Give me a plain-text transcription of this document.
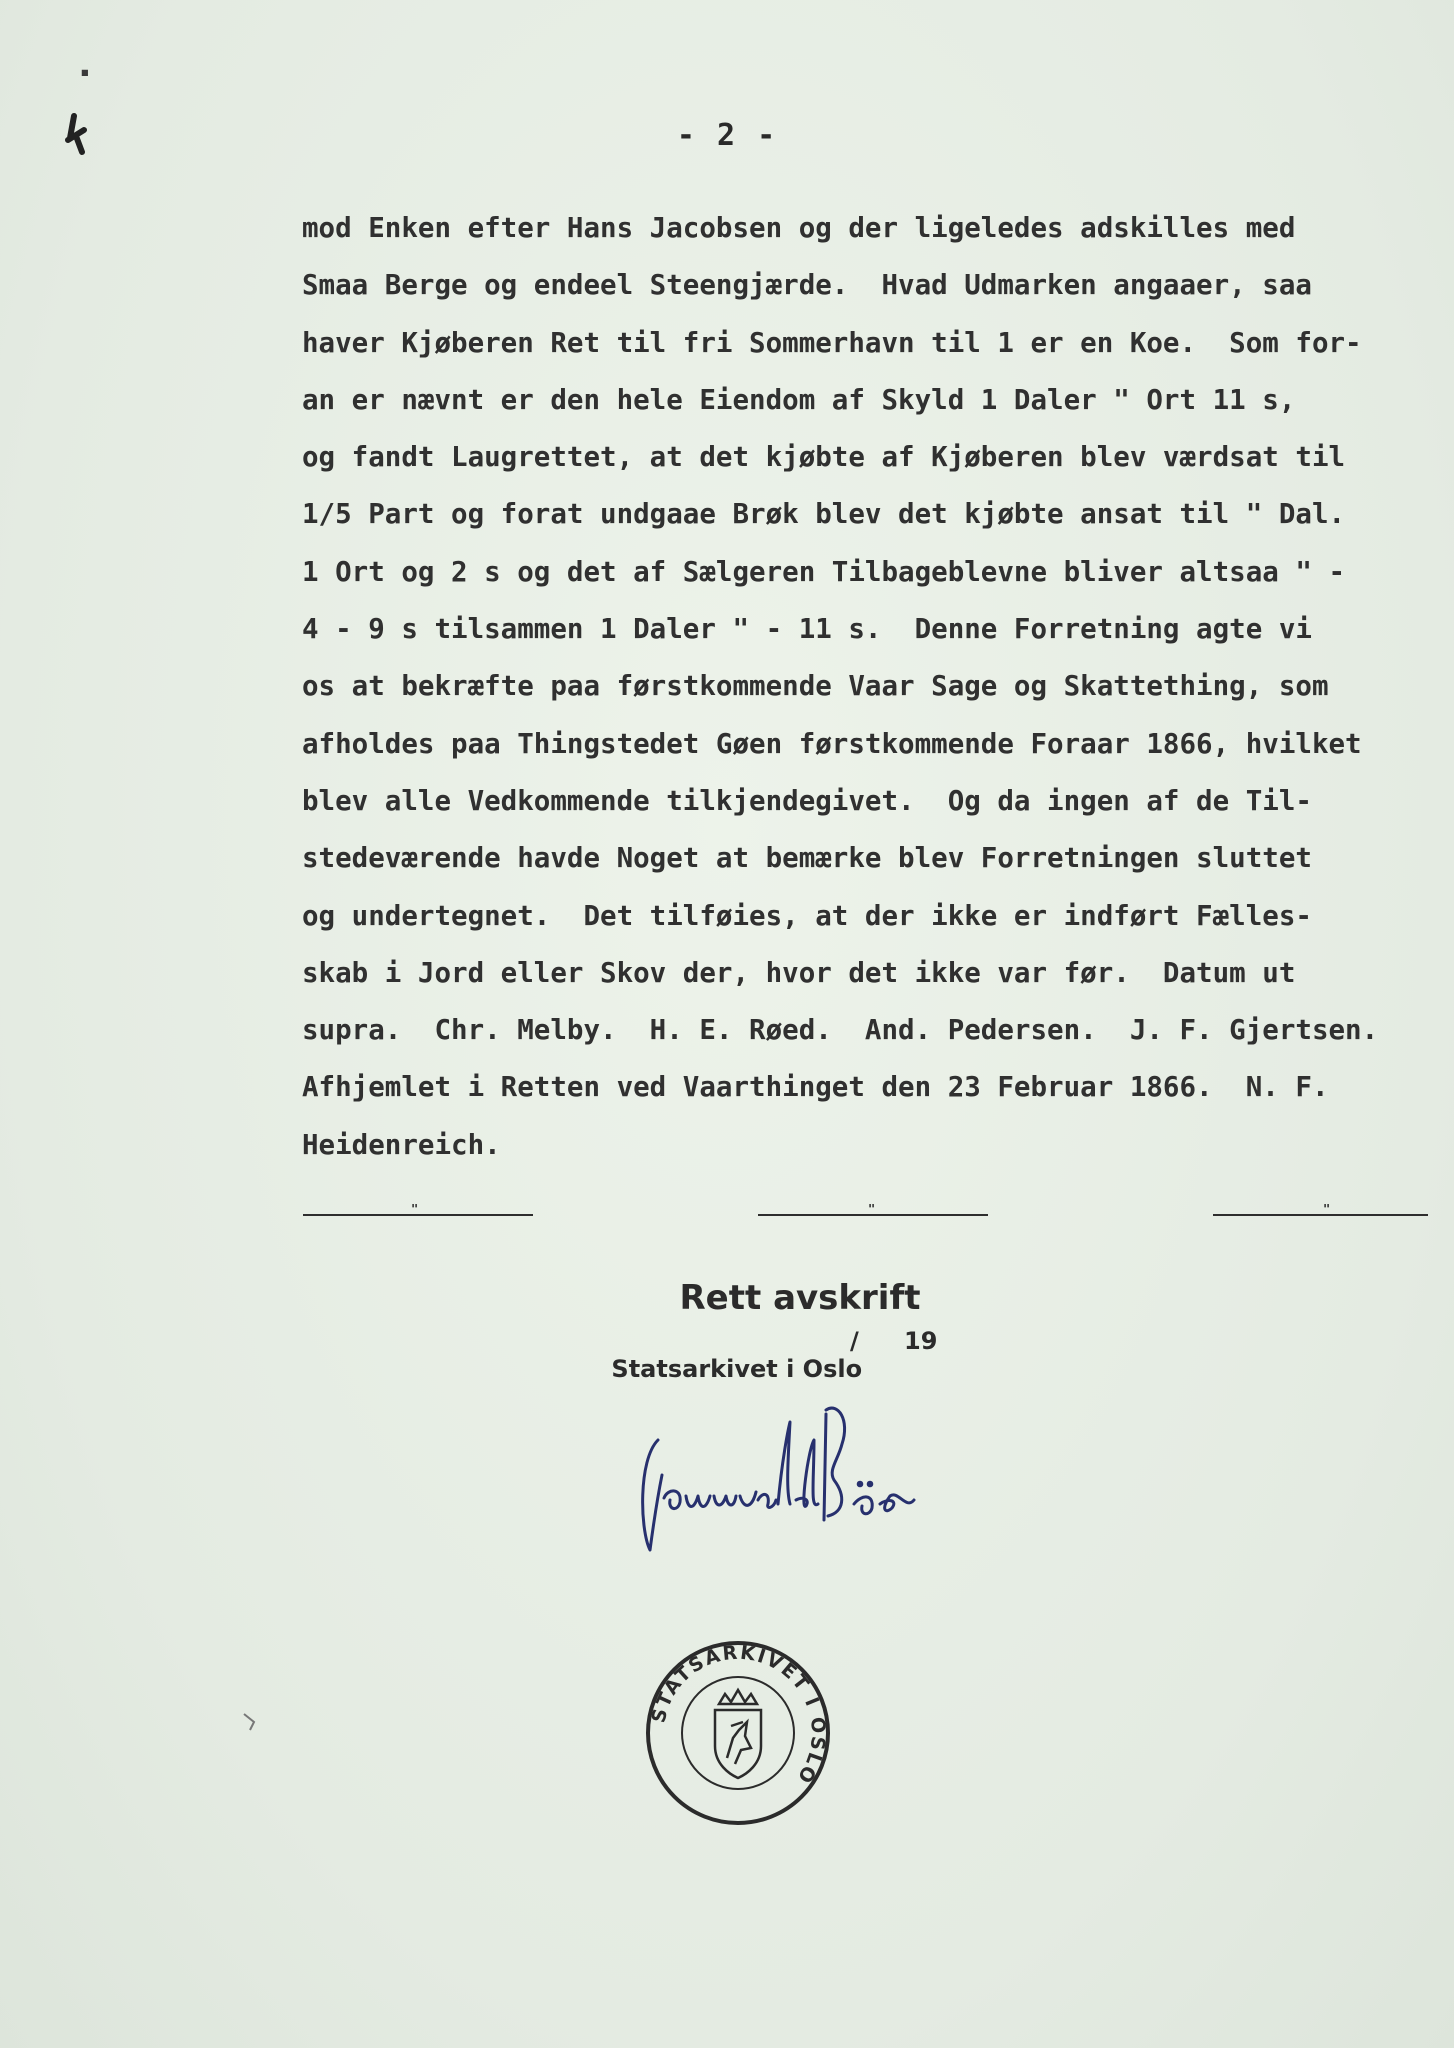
▪
- 2 -
mod Enken efter Hans Jacobsen og der ligeledes adskilles med
Smaa Berge og endeel Steengjærde.  Hvad Udmarken angaaer, saa
haver Kjøberen Ret til fri Sommerhavn til 1 er en Koe.  Som for-
an er nævnt er den hele Eiendom af Skyld 1 Daler " Ort 11 s,
og fandt Laugrettet, at det kjøbte af Kjøberen blev værdsat til
1/5 Part og forat undgaae Brøk blev det kjøbte ansat til " Dal.
1 Ort og 2 s og det af Sælgeren Tilbageblevne bliver altsaa " -
4 - 9 s tilsammen 1 Daler " - 11 s.  Denne Forretning agte vi
os at bekræfte paa førstkommende Vaar Sage og Skattething, som
afholdes paa Thingstedet Gøen førstkommende Foraar 1866, hvilket
blev alle Vedkommende tilkjendegivet.  Og da ingen af de Til-
stedeværende havde Noget at bemærke blev Forretningen sluttet
og undertegnet.  Det tilføies, at der ikke er indført Fælles-
skab i Jord eller Skov der, hvor det ikke var før.  Datum ut
supra.  Chr. Melby.  H. E. Røed.  And. Pedersen.  J. F. Gjertsen.
Afhjemlet i Retten ved Vaarthinget den 23 Februar 1866.  N. F.
Heidenreich.
"	"	"
Rett avskrift

Statsarkivet i Oslo

/

19

STATSARKIVET I OSLO
